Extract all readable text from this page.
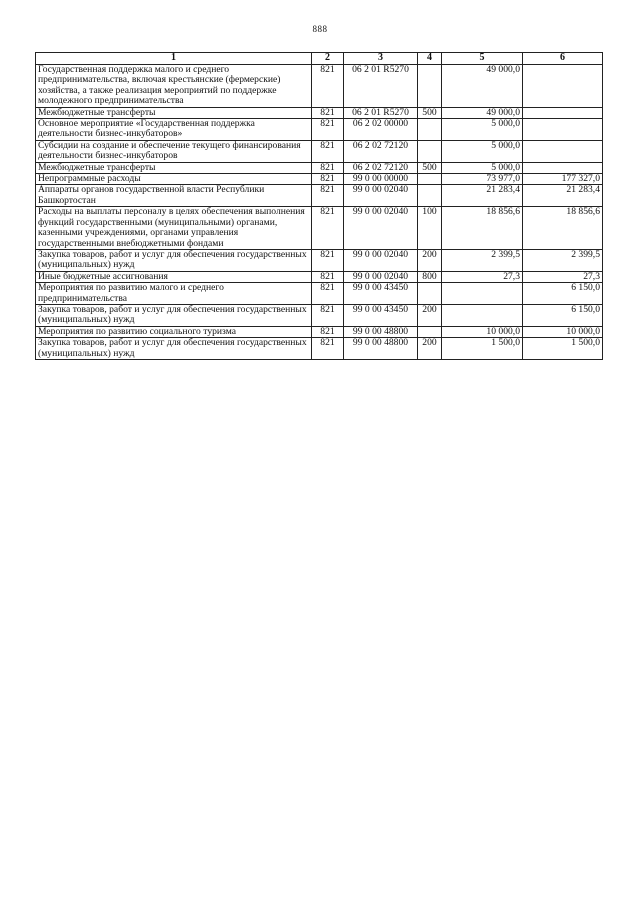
888
1	2	3	4	5	6
Государственная поддержка малого и среднего предпринимательства, включая крестьянские (фермерские) хозяйства, а также реализация мероприятий по поддержке молодежного предпринимательства	821	06 2 01 R5270		49 000,0	
Межбюджетные трансферты	821	06 2 01 R5270	500	49 000,0	
Основное мероприятие «Государственная поддержка деятельности бизнес-инкубаторов»	821	06 2 02 00000		5 000,0	
Субсидии на создание и обеспечение текущего финансирования деятельности бизнес-инкубаторов	821	06 2 02 72120		5 000,0	
Межбюджетные трансферты	821	06 2 02 72120	500	5 000,0	
Непрограммные расходы	821	99 0 00 00000		73 977,0	177 327,0
Аппараты органов государственной власти Республики Башкортостан	821	99 0 00 02040		21 283,4	21 283,4
Расходы на выплаты персоналу в целях обеспечения выполнения функций государственными (муниципальными) органами, казенными учреждениями, органами управления государственными внебюджетными фондами	821	99 0 00 02040	100	18 856,6	18 856,6
Закупка товаров, работ и услуг для обеспечения государственных (муниципальных) нужд	821	99 0 00 02040	200	2 399,5	2 399,5
Иные бюджетные ассигнования	821	99 0 00 02040	800	27,3	27,3
Мероприятия по развитию малого и среднего предпринимательства	821	99 0 00 43450			6 150,0
Закупка товаров, работ и услуг для обеспечения государственных (муниципальных) нужд	821	99 0 00 43450	200		6 150,0
Мероприятия по развитию социального туризма	821	99 0 00 48800		10 000,0	10 000,0
Закупка товаров, работ и услуг для обеспечения государственных (муниципальных) нужд	821	99 0 00 48800	200	1 500,0	1 500,0
